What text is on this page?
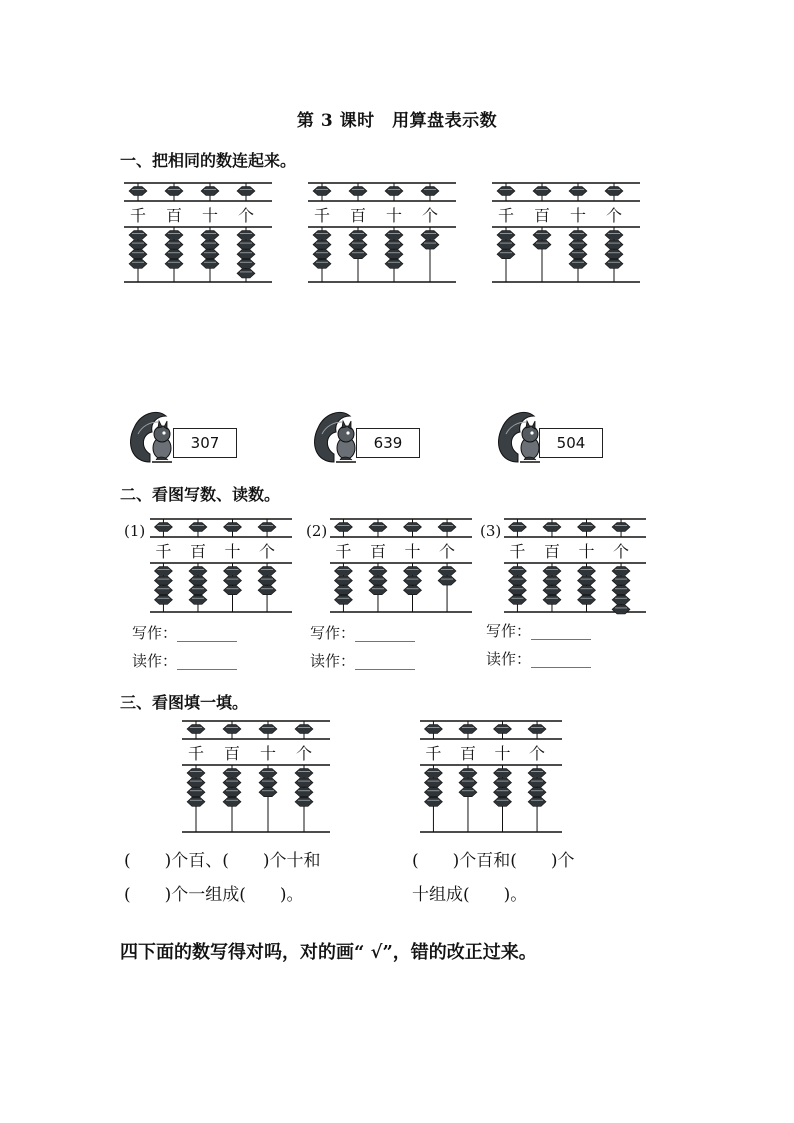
第 3 课时　用算盘表示数
一、把相同的数连起来。
千 百 十 个	千 百 十 个	千 百 十 个
307	639	504
二、看图写数、读数。
(1)
千 百 十 个
写作：________
读作：________
(2)
千 百 十 个
写作：________
读作：________
(3)
千 百 十 个
写作：________
读作：________
三、看图填一填。
千 百 十 个	千 百 十 个
(　　)个百、(　　)个十和
(　　)个一组成(　　)。
(　　)个百和(　　)个
十组成(　　)。
四下面的数写得对吗，对的画“ √”，错的改正过来。
